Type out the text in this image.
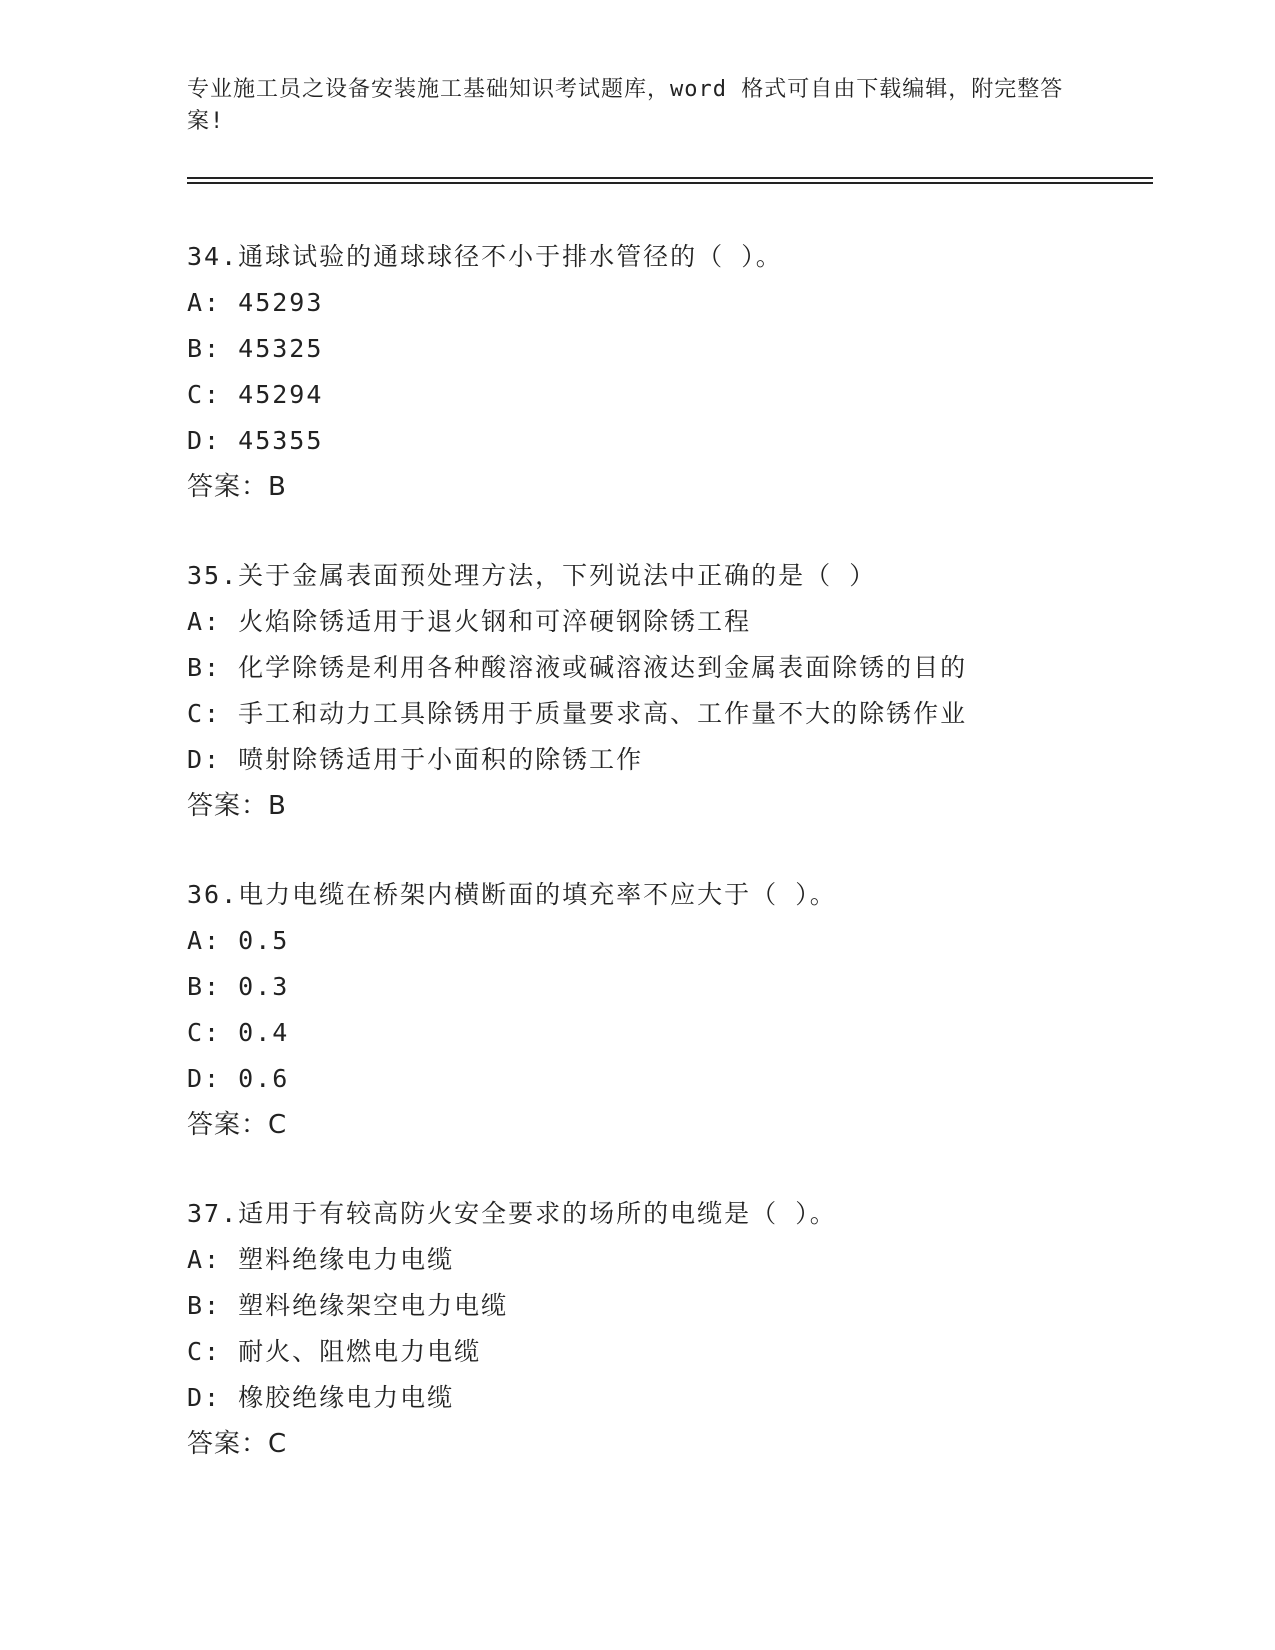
专业施工员之设备安装施工基础知识考试题库，word 格式可自由下载编辑，附完整答案!
34.通球试验的通球球径不小于排水管径的（ ）。
A: 45293
B: 45325
C: 45294
D: 45355
答案：B
35.关于金属表面预处理方法，下列说法中正确的是（ ）
A: 火焰除锈适用于退火钢和可淬硬钢除锈工程
B: 化学除锈是利用各种酸溶液或碱溶液达到金属表面除锈的目的
C: 手工和动力工具除锈用于质量要求高、工作量不大的除锈作业
D: 喷射除锈适用于小面积的除锈工作
答案：B
36.电力电缆在桥架内横断面的填充率不应大于（ ）。
A: 0.5
B: 0.3
C: 0.4
D: 0.6
答案：C
37.适用于有较高防火安全要求的场所的电缆是（ ）。
A: 塑料绝缘电力电缆
B: 塑料绝缘架空电力电缆
C: 耐火、阻燃电力电缆
D: 橡胶绝缘电力电缆
答案：C
